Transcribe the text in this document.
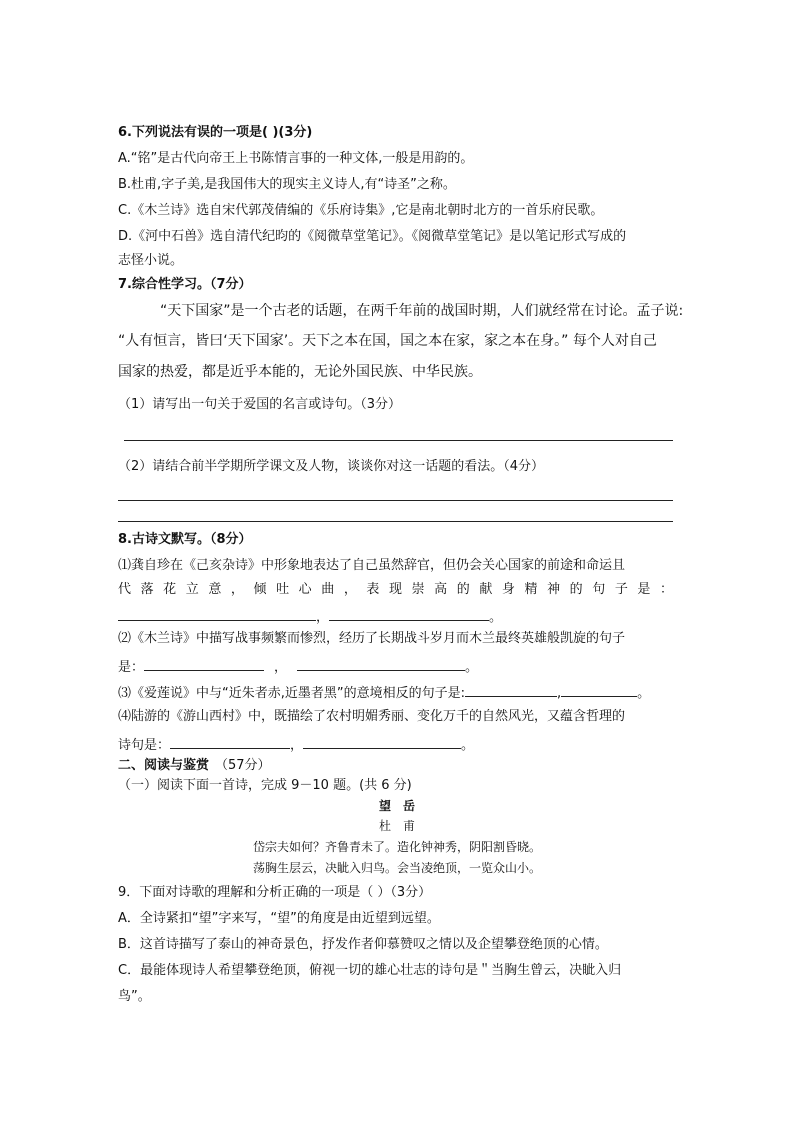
6.下列说法有误的一项是( )(3分)
A.“铭”是古代向帝王上书陈情言事的一种文体,一般是用韵的。
B.杜甫,字子美,是我国伟大的现实主义诗人,有“诗圣”之称。
C.《木兰诗》选自宋代郭茂倩编的《乐府诗集》,它是南北朝时北方的一首乐府民歌。
D.《河中石兽》选自清代纪昀的《阅微草堂笔记》。《阅微草堂笔记》是以笔记形式写成的
志怪小说。
7.综合性学习。（7分）
“天下国家”是一个古老的话题，在两千年前的战国时期，人们就经常在讨论。孟子说:
“人有恒言，皆曰‘天下国家’。天下之本在国，国之本在家，家之本在身。” 每个人对自己
国家的热爱，都是近乎本能的，无论外国民族、中华民族。
（1）请写出一句关于爱国的名言或诗句。（3分）
（2）请结合前半学期所学课文及人物，谈谈你对这一话题的看法。（4分）
8.古诗文默写。（8分）
⑴龚自珍在《己亥杂诗》中形象地表达了自己虽然辞官，但仍会关心国家的前途和命运且
代落花立意，倾吐心曲，表现崇高的献身精神的句子是：
，	。
⑵《木兰诗》中描写战事频繁而惨烈，经历了长期战斗岁月而木兰最终英雄般凯旋的句子
是：	，	。
⑶《爱莲说》中与“近朱者赤,近墨者黑”的意境相反的句子是:	,	。
⑷陆游的《游山西村》中，既描绘了农村明媚秀丽、变化万千的自然风光，又蕴含哲理的
诗句是：	，	。
二、阅读与鉴赏 （57分）
（一）阅读下面一首诗，完成 9－10 题。(共 6 分)
望　岳
杜　甫
岱宗夫如何？齐鲁青未了。造化钟神秀，阴阳割昏晓。
荡胸生层云，决眦入归鸟。会当凌绝顶，一览众山小。
9．下面对诗歌的理解和分析正确的一项是（ ）（3分）
A．全诗紧扣“望”字来写，“望”的角度是由近望到远望。
B．这首诗描写了泰山的神奇景色，抒发作者仰慕赞叹之情以及企望攀登绝顶的心情。
C．最能体现诗人希望攀登绝顶，俯视一切的雄心壮志的诗句是＂当胸生曾云，决眦入归
鸟”。
